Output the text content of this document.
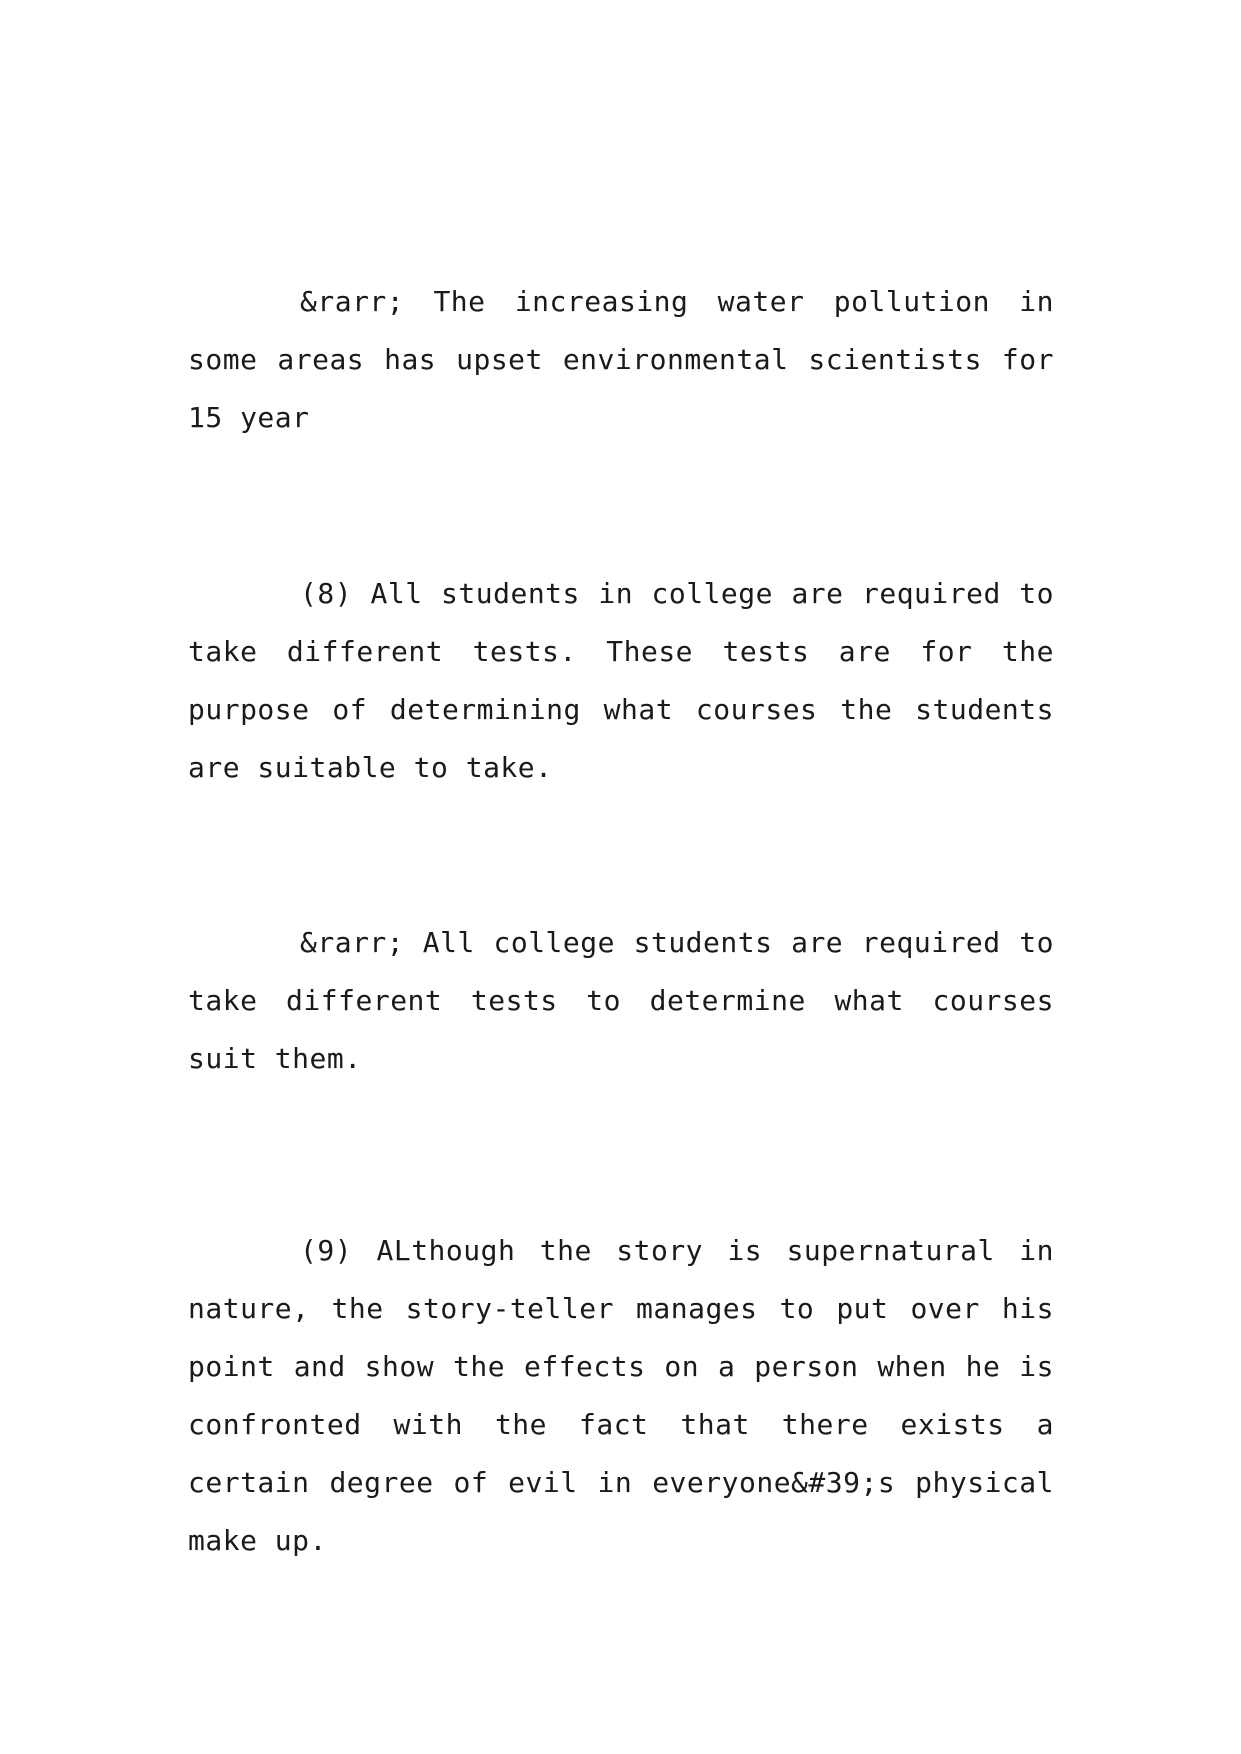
&rarr; The increasing water pollution in some areas has upset environmental scientists for 15 year

(8) All students in college are required to take different tests. These tests are for the purpose of determining what courses the students are suitable to take.

&rarr; All college students are required to take different tests to determine what courses suit them.

(9) ALthough the story is supernatural in nature, the story-teller manages to put over his point and show the effects on a person when he is confronted with the fact that there exists a certain degree of evil in everyone&#39;s physical make up.
